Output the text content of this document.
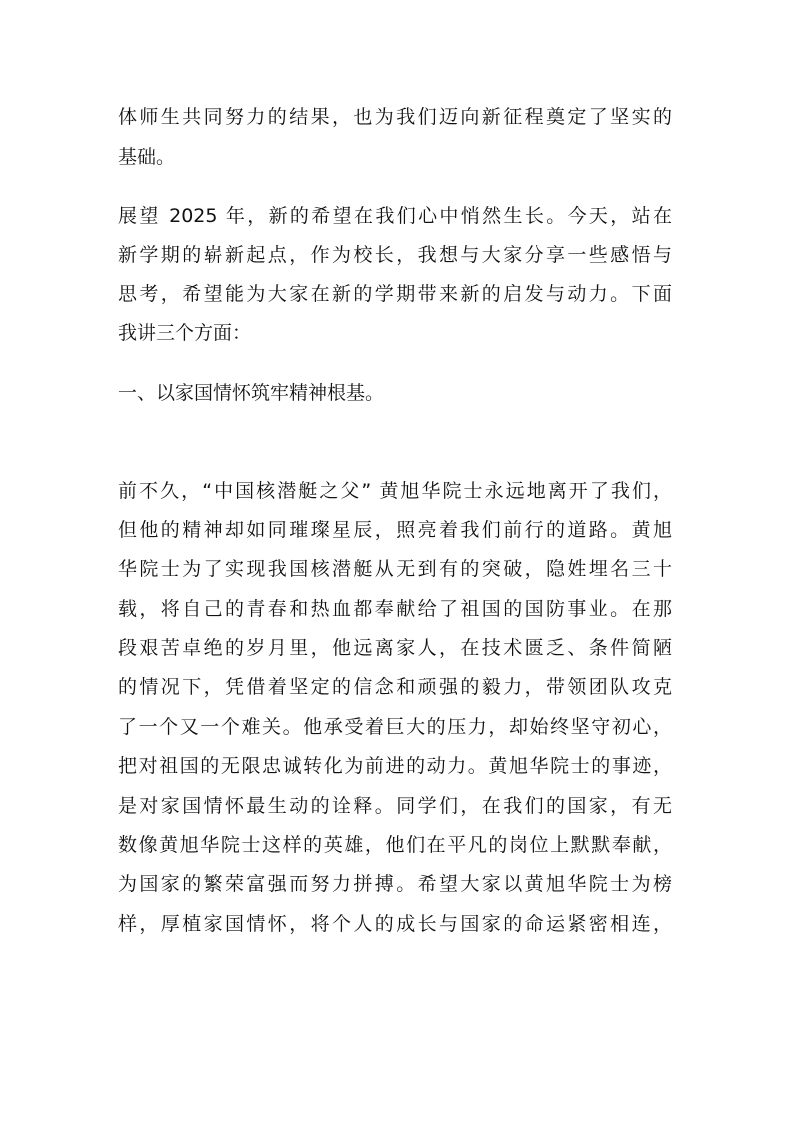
体师生共同努力的结果，也为我们迈向新征程奠定了坚实的
基础。
展望 2025 年，新的希望在我们心中悄然生长。今天，站在
新学期的崭新起点，作为校长，我想与大家分享一些感悟与
思考，希望能为大家在新的学期带来新的启发与动力。下面
我讲三个方面：
一、以家国情怀筑牢精神根基。
前不久，“中国核潜艇之父” 黄旭华院士永远地离开了我们，
但他的精神却如同璀璨星辰，照亮着我们前行的道路。黄旭
华院士为了实现我国核潜艇从无到有的突破，隐姓埋名三十
载，将自己的青春和热血都奉献给了祖国的国防事业。在那
段艰苦卓绝的岁月里，他远离家人，在技术匮乏、条件简陋
的情况下，凭借着坚定的信念和顽强的毅力，带领团队攻克
了一个又一个难关。他承受着巨大的压力，却始终坚守初心，
把对祖国的无限忠诚转化为前进的动力。黄旭华院士的事迹，
是对家国情怀最生动的诠释。同学们，在我们的国家，有无
数像黄旭华院士这样的英雄，他们在平凡的岗位上默默奉献，
为国家的繁荣富强而努力拼搏。希望大家以黄旭华院士为榜
样，厚植家国情怀，将个人的成长与国家的命运紧密相连，
